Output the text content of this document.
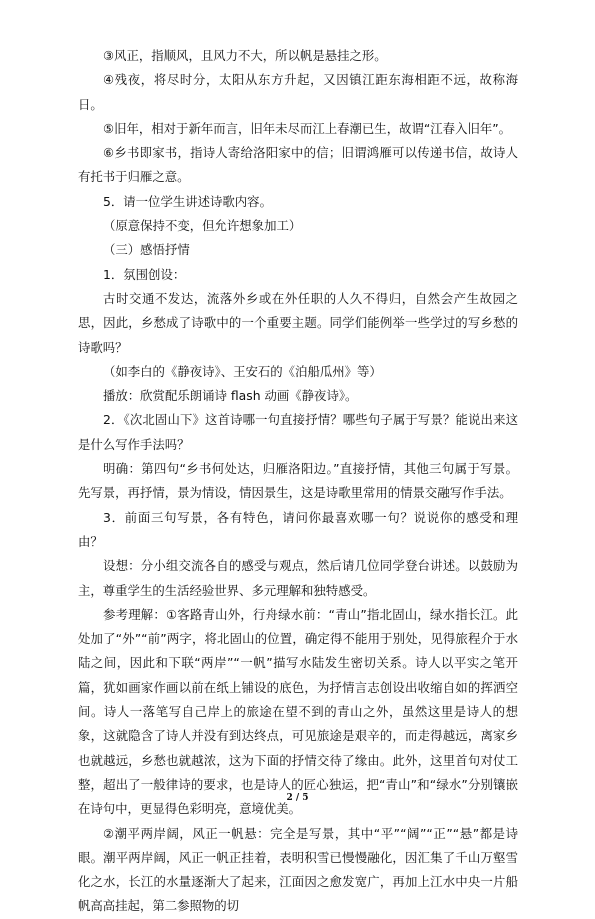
③风正，指顺风，且风力不大，所以帆是悬挂之形。

④残夜，将尽时分，太阳从东方升起，又因镇江距东海相距不远，故称海日。

⑤旧年，相对于新年而言，旧年未尽而江上春潮已生，故谓“江春入旧年”。

⑥乡书即家书，指诗人寄给洛阳家中的信；旧谓鸿雁可以传递书信，故诗人有托书于归雁之意。

5．请一位学生讲述诗歌内容。

（原意保持不变，但允许想象加工）

（三）感悟抒情

1．氛围创设：

古时交通不发达，流落外乡或在外任职的人久不得归，自然会产生故园之思，因此，乡愁成了诗歌中的一个重要主题。同学们能例举一些学过的写乡愁的诗歌吗？

（如李白的《静夜诗》、王安石的《泊船瓜州》等）

播放：欣赏配乐朗诵诗 flash 动画《静夜诗》。

2．《次北固山下》这首诗哪一句直接抒情？哪些句子属于写景？能说出来这是什么写作手法吗？

明确：第四句“乡书何处达，归雁洛阳边。”直接抒情，其他三句属于写景。先写景，再抒情，景为情设，情因景生，这是诗歌里常用的情景交融写作手法。

3．前面三句写景，各有特色，请问你最喜欢哪一句？说说你的感受和理由？

设想：分小组交流各自的感受与观点，然后请几位同学登台讲述。以鼓励为主，尊重学生的生活经验世界、多元理解和独特感受。

参考理解：①客路青山外，行舟绿水前：“青山”指北固山，绿水指长江。此处加了“外”“前”两字，将北固山的位置，确定得不能用于别处，见得旅程介于水陆之间，因此和下联“两岸”“一帆”描写水陆发生密切关系。诗人以平实之笔开篇，犹如画家作画以前在纸上铺设的底色，为抒情言志创设出收缩自如的挥洒空间。诗人一落笔写自己岸上的旅途在望不到的青山之外，虽然这里是诗人的想象，这就隐含了诗人并没有到达终点，可见旅途是艰辛的，而走得越远，离家乡也就越远，乡愁也就越浓，这为下面的抒情交待了缘由。此外，这里首句对仗工整，超出了一般律诗的要求，也是诗人的匠心独运，把“青山”和“绿水”分别镶嵌在诗句中，更显得色彩明亮，意境优美。

②潮平两岸阔，风正一帆悬：完全是写景，其中“平”“阔”“正”“悬”都是诗眼。潮平两岸阔，风正一帆正挂着，表明积雪已慢慢融化，因汇集了千山万壑雪化之水，长江的水量逐渐大了起来，江面因之愈发宽广，再加上江水中央一片船帆高高挂起，第二参照物的切

2 / 5
